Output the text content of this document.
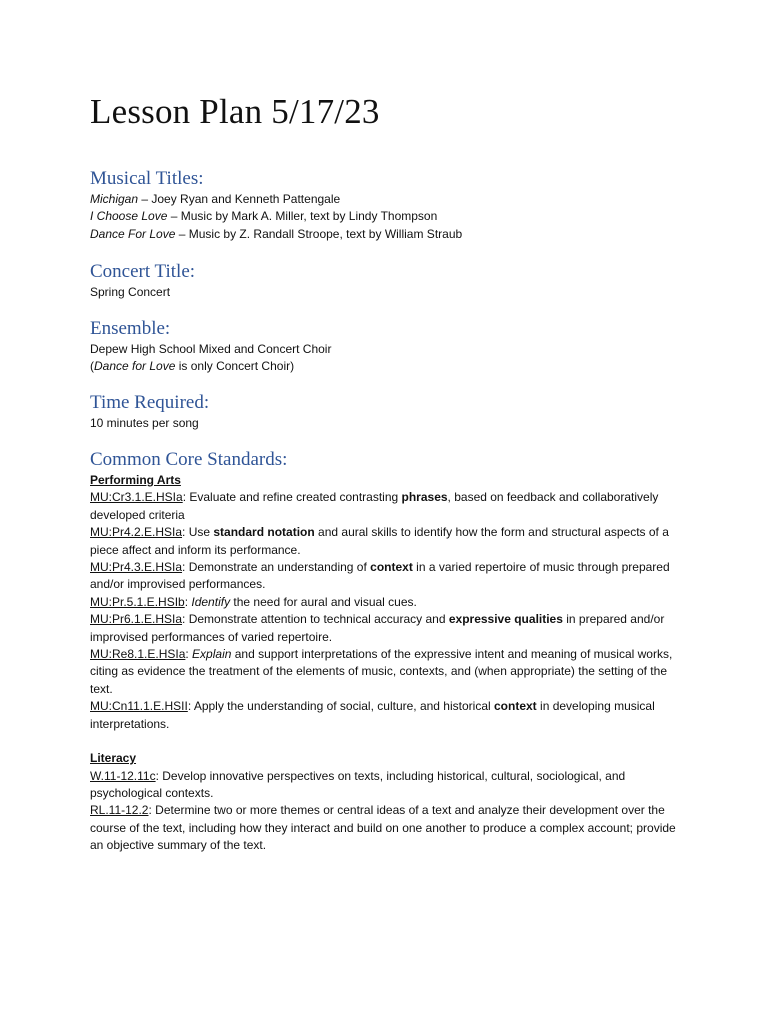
Lesson Plan 5/17/23
Musical Titles:
Michigan – Joey Ryan and Kenneth Pattengale
I Choose Love – Music by Mark A. Miller, text by Lindy Thompson
Dance For Love – Music by Z. Randall Stroope, text by William Straub
Concert Title:
Spring Concert
Ensemble:
Depew High School Mixed and Concert Choir
(Dance for Love is only Concert Choir)
Time Required:
10 minutes per song
Common Core Standards:
Performing Arts
MU:Cr3.1.E.HSIa: Evaluate and refine created contrasting phrases, based on feedback and collaboratively developed criteria
MU:Pr4.2.E.HSIa: Use standard notation and aural skills to identify how the form and structural aspects of a piece affect and inform its performance.
MU:Pr4.3.E.HSIa: Demonstrate an understanding of context in a varied repertoire of music through prepared and/or improvised performances.
MU:Pr.5.1.E.HSIb: Identify the need for aural and visual cues.
MU:Pr6.1.E.HSIa: Demonstrate attention to technical accuracy and expressive qualities in prepared and/or improvised performances of varied repertoire.
MU:Re8.1.E.HSIa: Explain and support interpretations of the expressive intent and meaning of musical works, citing as evidence the treatment of the elements of music, contexts, and (when appropriate) the setting of the text.
MU:Cn11.1.E.HSII: Apply the understanding of social, culture, and historical context in developing musical interpretations.
Literacy
W.11-12.11c: Develop innovative perspectives on texts, including historical, cultural, sociological, and psychological contexts.
RL.11-12.2: Determine two or more themes or central ideas of a text and analyze their development over the course of the text, including how they interact and build on one another to produce a complex account; provide an objective summary of the text.
